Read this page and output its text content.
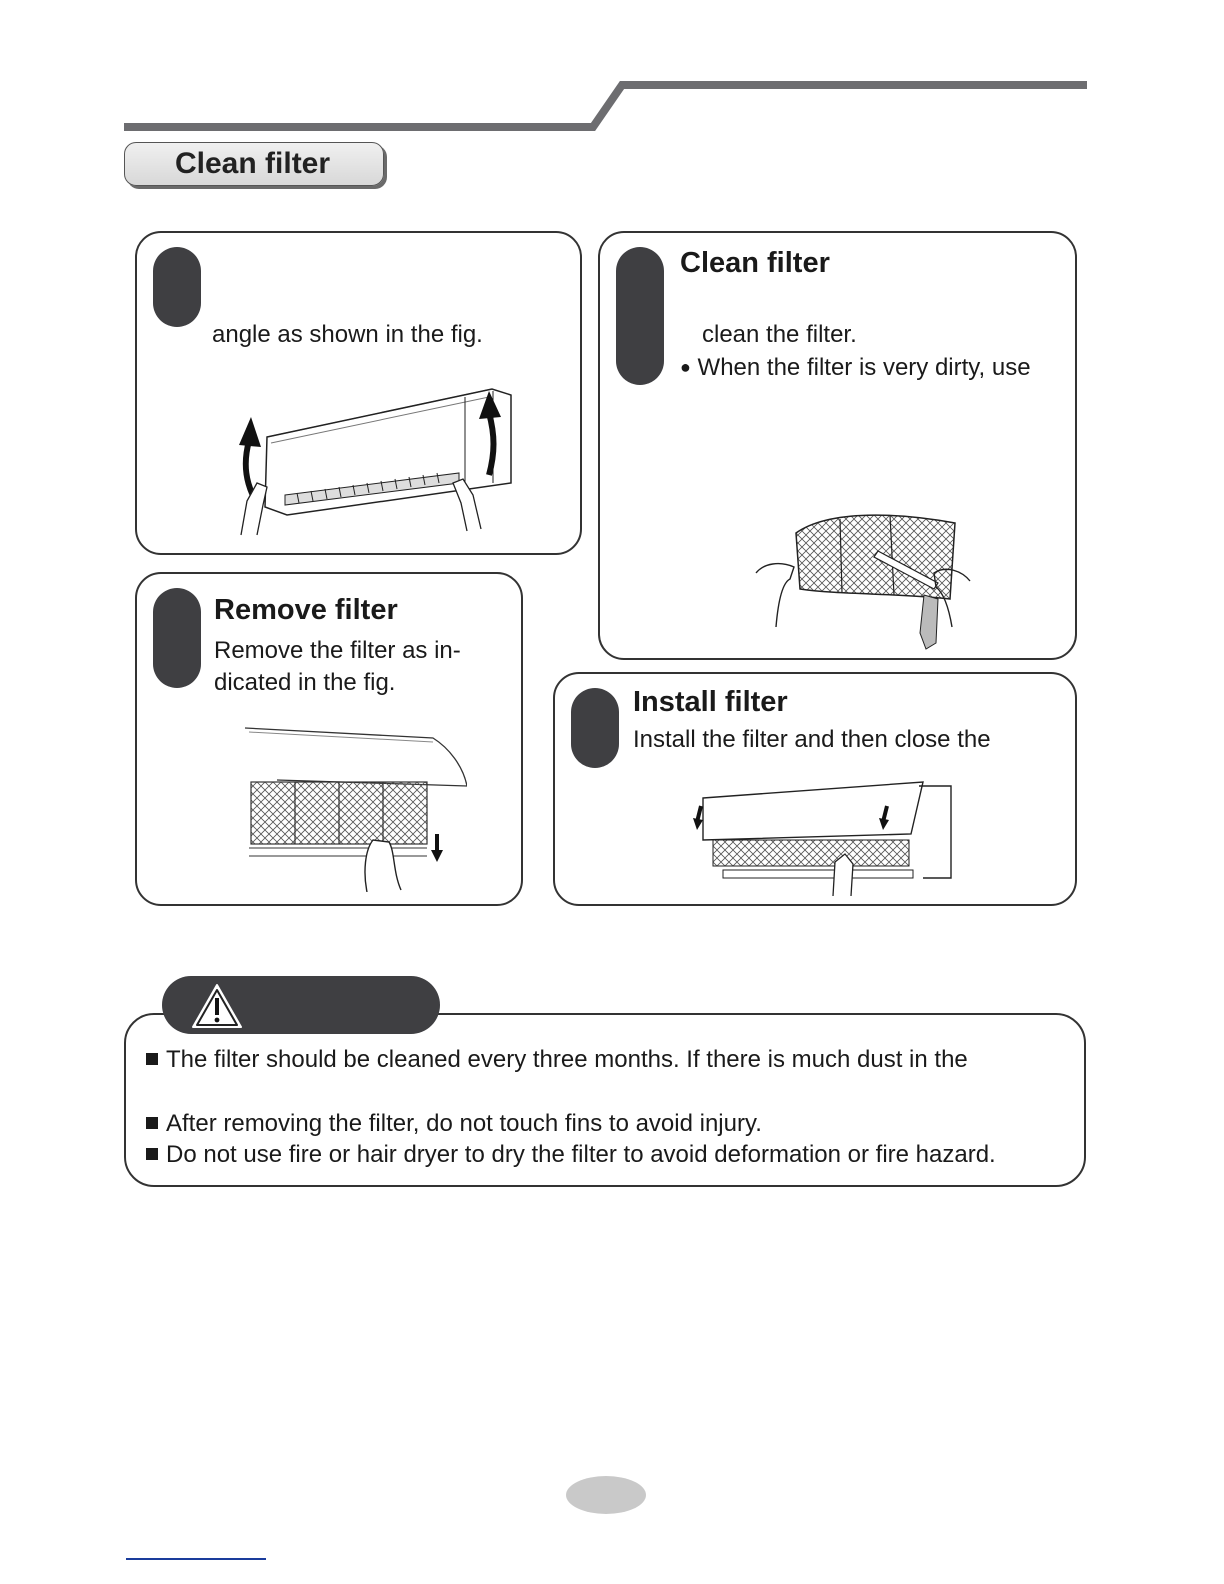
Clean filter
angle as shown in the fig.
Clean filter
clean the filter.
● When the filter is very dirty, use
Remove filter
Remove the filter as in-
dicated in the fig.
Install filter
Install the filter and then close the
The filter should be cleaned every three months. If there is much dust in the
After removing the filter, do not touch fins to avoid injury.
Do not use fire or hair dryer to dry the filter to avoid deformation or fire hazard.
